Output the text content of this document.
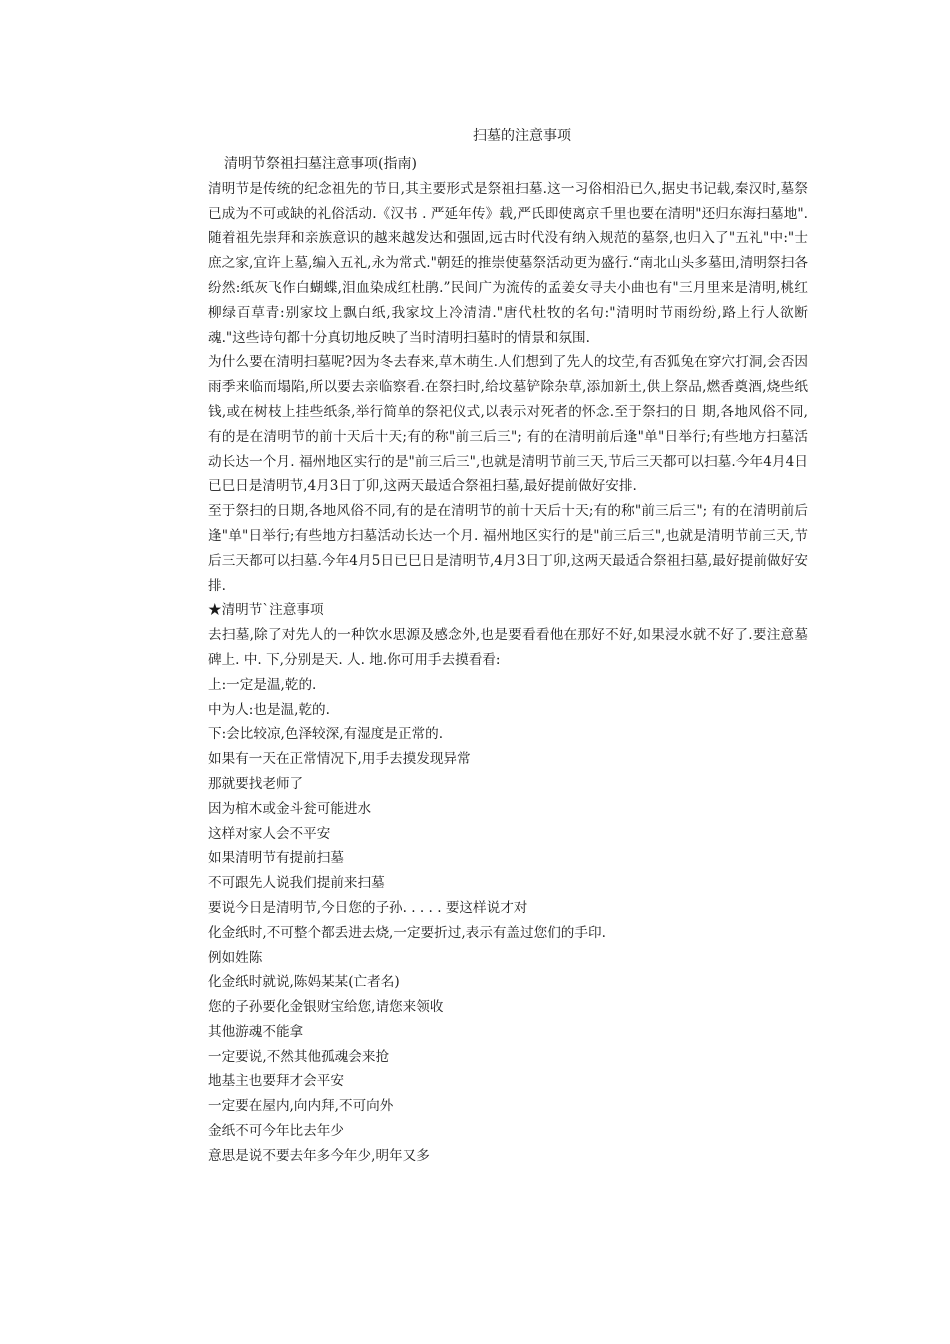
扫墓的注意事项
清明节祭祖扫墓注意事项(指南)

清明节是传统的纪念祖先的节日,其主要形式是祭祖扫墓.这一习俗相沿已久,据史书记载,秦汉时,墓祭已成为不可或缺的礼俗活动.《汉书 . 严延年传》载,严氏即使离京千里也要在清明"还归东海扫墓地".随着祖先崇拜和亲族意识的越来越发达和强固,远古时代没有纳入规范的墓祭,也归入了"五礼"中:"士庶之家,宜许上墓,编入五礼,永为常式."朝廷的推崇使墓祭活动更为盛行.“南北山头多墓田,清明祭扫各纷然:纸灰飞作白蝴蝶,泪血染成红杜鹃.”民间广为流传的孟姜女寻夫小曲也有"三月里来是清明,桃红柳绿百草青:别家坟上飘白纸,我家坟上冷清清."唐代杜牧的名句:"清明时节雨纷纷,路上行人欲断魂."这些诗句都十分真切地反映了当时清明扫墓时的情景和氛围.

为什么要在清明扫墓呢?因为冬去春来,草木萌生.人们想到了先人的坟茔,有否狐兔在穿穴打洞,会否因雨季来临而塌陷,所以要去亲临察看.在祭扫时,给坟墓铲除杂草,添加新土,供上祭品,燃香奠酒,烧些纸钱,或在树枝上挂些纸条,举行简单的祭祀仪式,以表示对死者的怀念.至于祭扫的日 期,各地风俗不同,有的是在清明节的前十天后十天;有的称"前三后三"; 有的在清明前后逢"单"日举行;有些地方扫墓活动长达一个月. 福州地区实行的是"前三后三",也就是清明节前三天,节后三天都可以扫墓.今年4月4日已巳日是清明节,4月3日丁卯,这两天最适合祭祖扫墓,最好提前做好安排.

至于祭扫的日期,各地风俗不同,有的是在清明节的前十天后十天;有的称"前三后三"; 有的在清明前后逢"单"日举行;有些地方扫墓活动长达一个月. 福州地区实行的是"前三后三",也就是清明节前三天,节后三天都可以扫墓.今年4月5日已巳日是清明节,4月3日丁卯,这两天最适合祭祖扫墓,最好提前做好安排.

★清明节`注意事项

去扫墓,除了对先人的一种饮水思源及感念外,也是要看看他在那好不好,如果浸水就不好了.要注意墓碑上. 中. 下,分别是天. 人. 地.你可用手去摸看看:

上:一定是温,乾的.
中为人:也是温,乾的.
下:会比较凉,色泽较深,有湿度是正常的.
如果有一天在正常情况下,用手去摸发现异常
那就要找老师了
因为棺木或金斗瓮可能进水
这样对家人会不平安
如果清明节有提前扫墓
不可跟先人说我们提前来扫墓
要说今日是清明节,今日您的子孙. . . . . 要这样说才对
化金纸时,不可整个都丢进去烧,一定要折过,表示有盖过您们的手印.
例如姓陈
化金纸时就说,陈妈某某(亡者名)
您的子孙要化金银财宝给您,请您来领收
其他游魂不能拿
一定要说,不然其他孤魂会来抢
地基主也要拜才会平安
一定要在屋内,向内拜,不可向外
金纸不可今年比去年少
意思是说不要去年多今年少,明年又多
